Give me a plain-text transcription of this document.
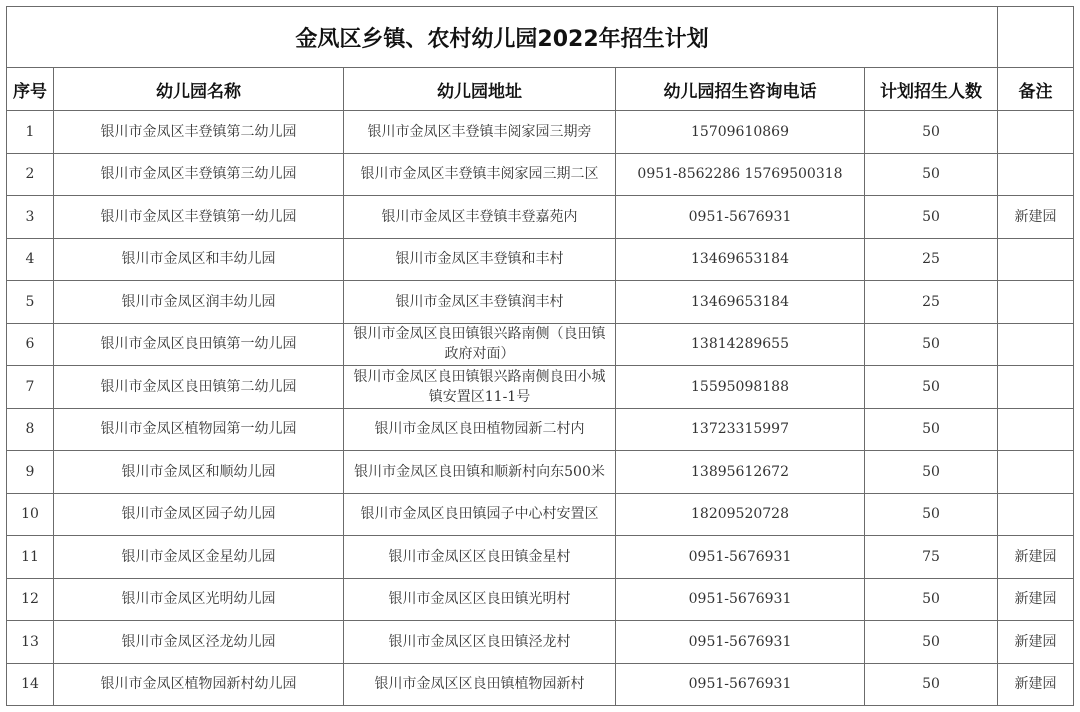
金凤区乡镇、农村幼儿园2022年招生计划					
序号	幼儿园名称	幼儿园地址	幼儿园招生咨询电话	计划招生人数	备注
1	银川市金凤区丰登镇第二幼儿园	银川市金凤区丰登镇丰阅家园三期旁	15709610869	50	
2	银川市金凤区丰登镇第三幼儿园	银川市金凤区丰登镇丰阅家园三期二区	0951-8562286 15769500318	50	
3	银川市金凤区丰登镇第一幼儿园	银川市金凤区丰登镇丰登嘉苑内	0951-5676931	50	新建园
4	银川市金凤区和丰幼儿园	银川市金凤区丰登镇和丰村	13469653184	25	
5	银川市金凤区润丰幼儿园	银川市金凤区丰登镇润丰村	13469653184	25	
6	银川市金凤区良田镇第一幼儿园	银川市金凤区良田镇银兴路南侧（良田镇政府对面）	13814289655	50	
7	银川市金凤区良田镇第二幼儿园	银川市金凤区良田镇银兴路南侧良田小城镇安置区11-1号	15595098188	50	
8	银川市金凤区植物园第一幼儿园	银川市金凤区良田植物园新二村内	13723315997	50	
9	银川市金凤区和顺幼儿园	银川市金凤区良田镇和顺新村向东500米	13895612672	50	
10	银川市金凤区园子幼儿园	银川市金凤区良田镇园子中心村安置区	18209520728	50	
11	银川市金凤区金星幼儿园	银川市金凤区区良田镇金星村	0951-5676931	75	新建园
12	银川市金凤区光明幼儿园	银川市金凤区区良田镇光明村	0951-5676931	50	新建园
13	银川市金凤区泾龙幼儿园	银川市金凤区区良田镇泾龙村	0951-5676931	50	新建园
14	银川市金凤区植物园新村幼儿园	银川市金凤区区良田镇植物园新村	0951-5676931	50	新建园
